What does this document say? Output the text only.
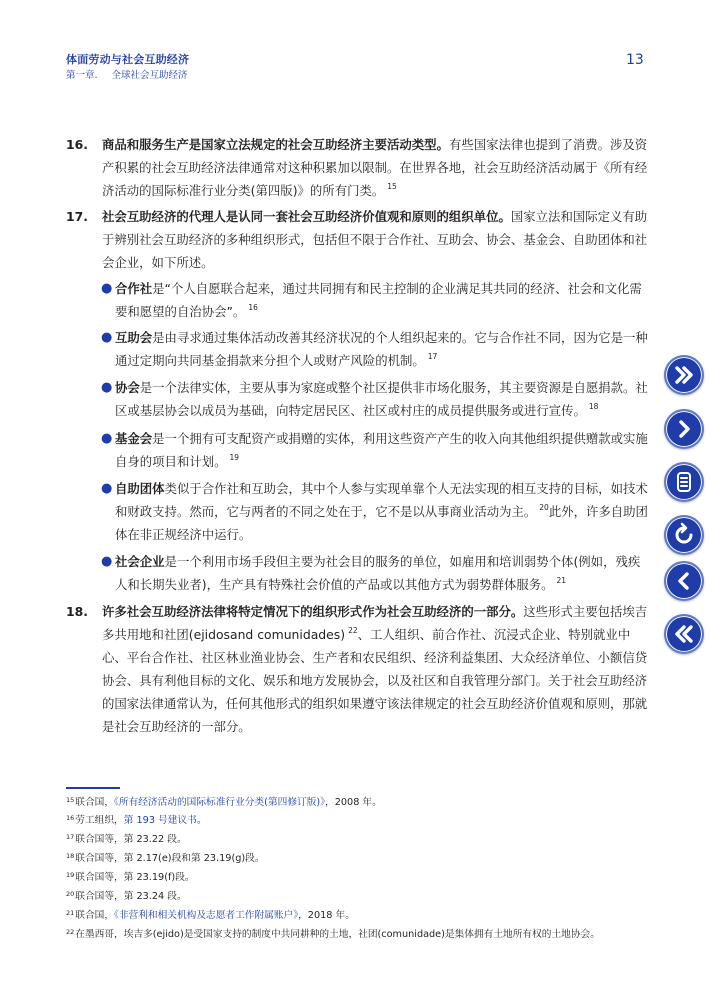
体面劳动与社会互助经济
第一章. 全球社会互助经济
13
16. 商品和服务生产是国家立法规定的社会互助经济主要活动类型。有些国家法律也提到了消费。涉及资产积累的社会互助经济法律通常对这种积累加以限制。在世界各地，社会互助经济活动属于《所有经济活动的国际标准行业分类(第四版)》的所有门类。 $^{15}$
17. 社会互助经济的代理人是认同一套社会互助经济价值观和原则的组织单位。国家立法和国际定义有助于辨别社会互助经济的多种组织形式，包括但不限于合作社、互助会、协会、基金会、自助团体和社会企业，如下所述。
● 合作社是“个人自愿联合起来，通过共同拥有和民主控制的企业满足其共同的经济、社会和文化需要和愿望的自治协会”。 $^{16}$
● 互助会是由寻求通过集体活动改善其经济状况的个人组织起来的。它与合作社不同，因为它是一种通过定期向共同基金捐款来分担个人或财产风险的机制。 $^{17}$
● 协会是一个法律实体，主要从事为家庭或整个社区提供非市场化服务，其主要资源是自愿捐款。社区或基层协会以成员为基础，向特定居民区、社区或村庄的成员提供服务或进行宣传。 $^{18}$
● 基金会是一个拥有可支配资产或捐赠的实体，利用这些资产产生的收入向其他组织提供赠款或实施自身的项目和计划。 $^{19}$
● 自助团体类似于合作社和互助会，其中个人参与实现单靠个人无法实现的相互支持的目标，如技术和财政支持。然而，它与两者的不同之处在于，它不是以从事商业活动为主。 $^{20}$此外，许多自助团体在非正规经济中运行。
● 社会企业是一个利用市场手段但主要为社会目的服务的单位，如雇用和培训弱势个体(例如，残疾人和长期失业者)，生产具有特殊社会价值的产品或以其他方式为弱势群体服务。 $^{21}$
18. 许多社会互助经济法律将特定情况下的组织形式作为社会互助经济的一部分。这些形式主要包括埃吉多共用地和社团(ejidosand comunidades) $^{22}$、工人组织、前合作社、沉浸式企业、特别就业中心、平台合作社、社区林业渔业协会、生产者和农民组织、经济利益集团、大众经济单位、小额信贷协会、具有利他目标的文化、娱乐和地方发展协会，以及社区和自我管理分部门。关于社会互助经济的国家法律通常认为，任何其他形式的组织如果遵守该法律规定的社会互助经济价值观和原则，那就是社会互助经济的一部分。
$^{15}$联合国，《所有经济活动的国际标准行业分类(第四修订版)》，2008 年。
$^{16}$劳工组织，第 193 号建议书。
$^{17}$联合国等，第 23.22 段。
$^{18}$联合国等，第 2.17(e)段和第 23.19(g)段。
$^{19}$联合国等，第 23.19(f)段。
$^{20}$联合国等，第 23.24 段。
$^{21}$联合国，《非营利和相关机构及志愿者工作附属账户》，2018 年。
$^{22}$在墨西哥，埃吉多(ejido)是受国家支持的制度中共同耕种的土地，社团(comunidade)是集体拥有土地所有权的土地协会。
